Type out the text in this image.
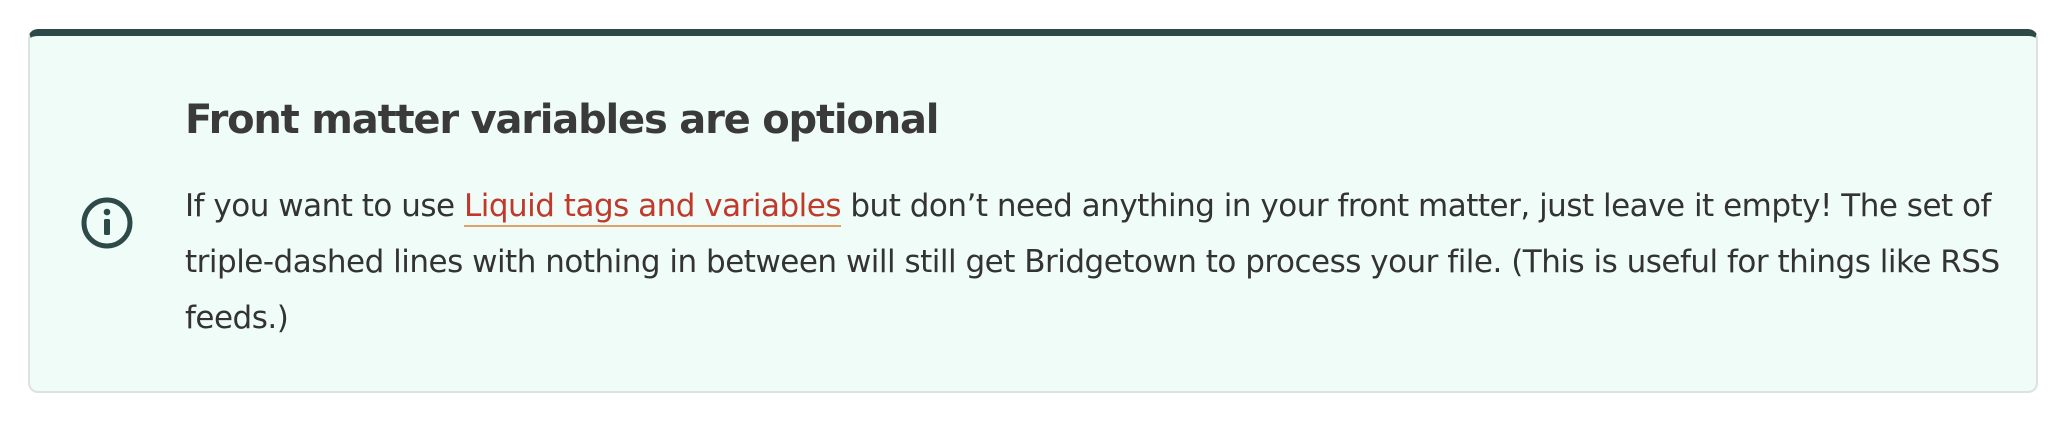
Front matter variables are optional

If you want to use Liquid tags and variables but don’t need anything in your front matter, just leave it empty! The set of triple-dashed lines with nothing in between will still get Bridgetown to process your file. (This is useful for things like RSS feeds.)
